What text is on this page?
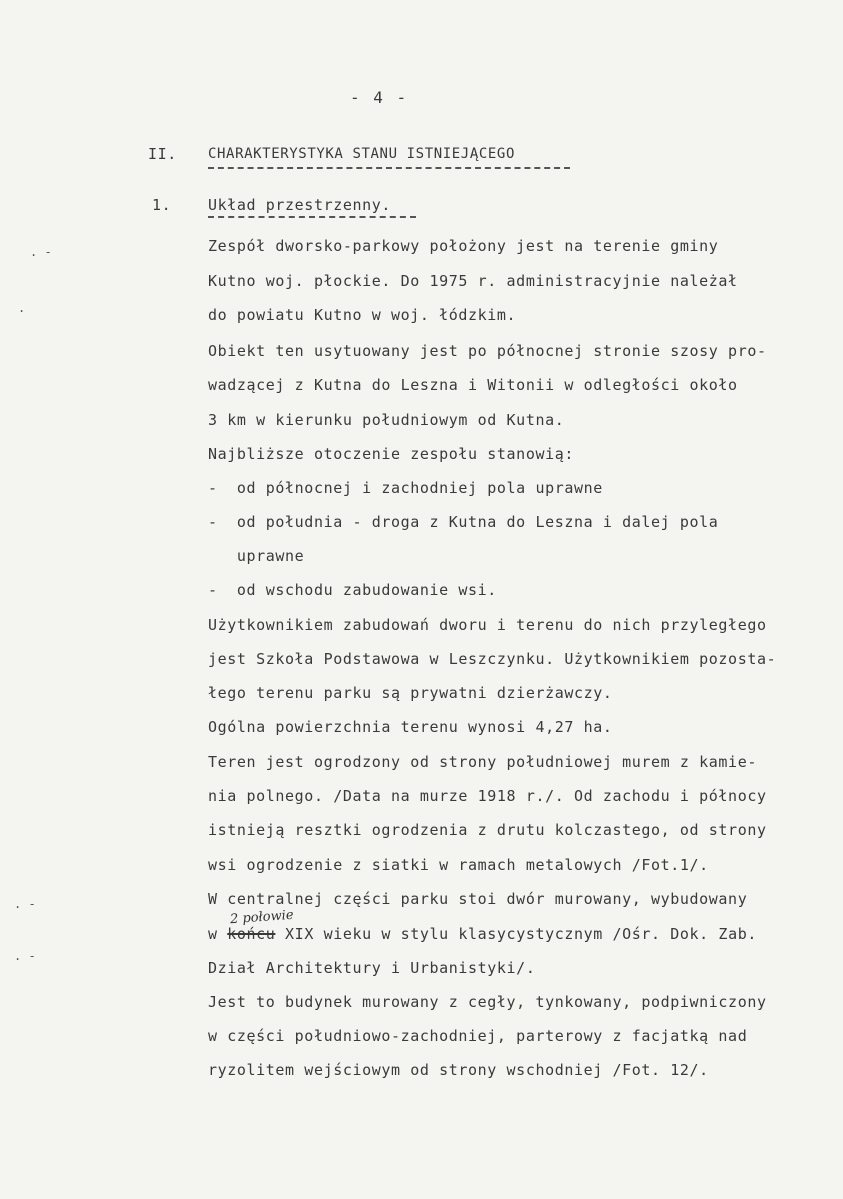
- 4 -
II. CHARAKTERYSTYKA STANU ISTNIEJĄCEGO
1. Układ przestrzenny.
Zespół dworsko-parkowy położony jest na terenie gminy
Kutno woj. płockie. Do 1975 r. administracyjnie należał
do powiatu Kutno w woj. łódzkim.
Obiekt ten usytuowany jest po północnej stronie szosy pro-
wadzącej z Kutna do Leszna i Witonii w odległości około
3 km w kierunku południowym od Kutna.
Najbliższe otoczenie zespołu stanowią:
-  od północnej i zachodniej pola uprawne
-  od południa - droga z Kutna do Leszna i dalej pola
uprawne
-  od wschodu zabudowanie wsi.
Użytkownikiem zabudowań dworu i terenu do nich przyległego
jest Szkoła Podstawowa w Leszczynku. Użytkownikiem pozosta-
łego terenu parku są prywatni dzierżawczy.
Ogólna powierzchnia terenu wynosi 4,27 ha.
Teren jest ogrodzony od strony południowej murem z kamie-
nia polnego. /Data na murze 1918 r./. Od zachodu i północy
istnieją resztki ogrodzenia z drutu kolczastego, od strony
wsi ogrodzenie z siatki w ramach metalowych /Fot.1/.
W centralnej części parku stoi dwór murowany, wybudowany
2 połowie
w końcu XIX wieku w stylu klasycystycznym /Ośr. Dok. Zab.
Dział Architektury i Urbanistyki/.
Jest to budynek murowany z cegły, tynkowany, podpiwniczony
w części południowo-zachodniej, parterowy z facjatką nad
ryzolitem wejściowym od strony wschodniej /Fot. 12/.
. -
.
. -
. -
